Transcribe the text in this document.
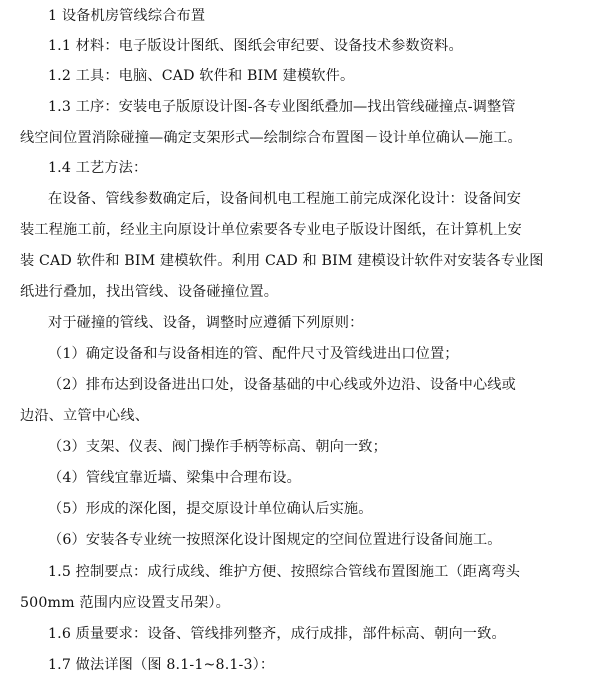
1 设备机房管线综合布置
1.1 材料：电子版设计图纸、图纸会审纪要、设备技术参数资料。
1.2 工具：电脑、CAD 软件和 BIM 建模软件。
1.3 工序：安装电子版原设计图-各专业图纸叠加—找出管线碰撞点-调整管
线空间位置消除碰撞—确定支架形式—绘制综合布置图－设计单位确认—施工。
1.4 工艺方法：
在设备、管线参数确定后，设备间机电工程施工前完成深化设计：设备间安
装工程施工前，经业主向原设计单位索要各专业电子版设计图纸，在计算机上安
装 CAD 软件和 BIM 建模软件。利用 CAD 和 BIM 建模设计软件对安装各专业图
纸进行叠加，找出管线、设备碰撞位置。
对于碰撞的管线、设备，调整时应遵循下列原则：
（1）确定设备和与设备相连的管、配件尺寸及管线进出口位置；
（2）排布达到设备进出口处，设备基础的中心线或外边沿、设备中心线或
边沿、立管中心线、
（3）支架、仪表、阀门操作手柄等标高、朝向一致；
（4）管线宜靠近墙、梁集中合理布设。
（5）形成的深化图，提交原设计单位确认后实施。
（6）安装各专业统一按照深化设计图规定的空间位置进行设备间施工。
1.5 控制要点：成行成线、维护方便、按照综合管线布置图施工（距离弯头
500mm 范围内应设置支吊架）。
1.6 质量要求：设备、管线排列整齐，成行成排，部件标高、朝向一致。
1.7 做法详图（图 8.1-1~8.1-3）：
